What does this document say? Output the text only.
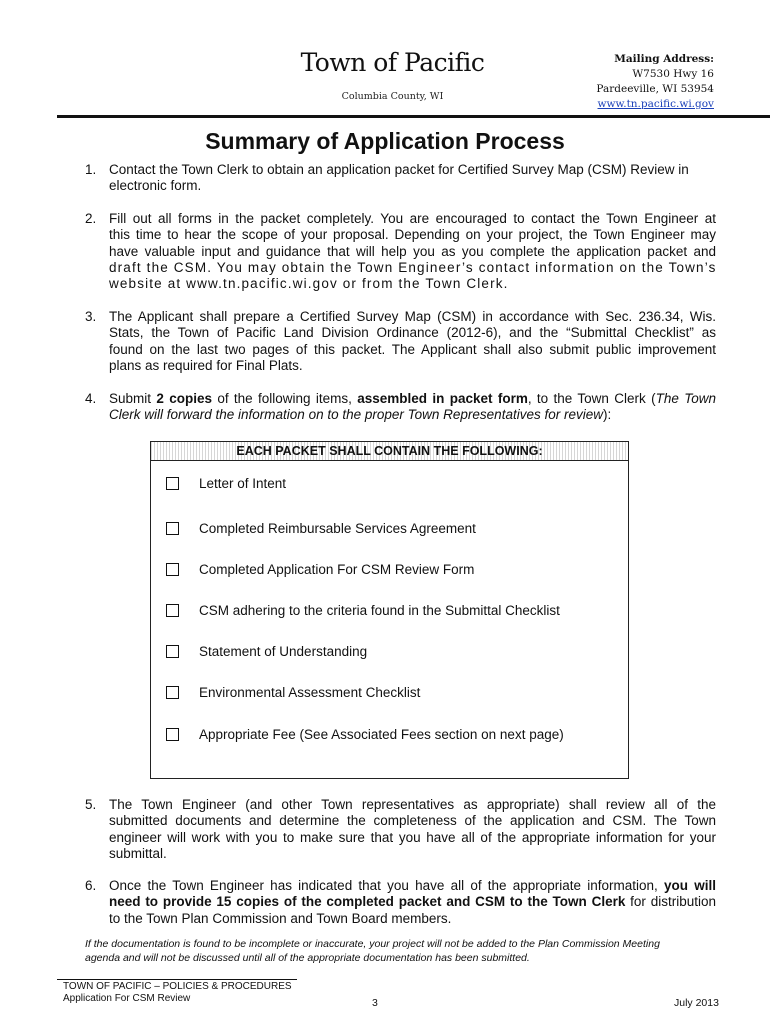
Town of Pacific
Columbia County, WI
Mailing Address:
W7530 Hwy 16
Pardeeville, WI 53954
www.tn.pacific.wi.gov
Summary of Application Process
1. Contact the Town Clerk to obtain an application packet for Certified Survey Map (CSM) Review in
electronic form.
2. Fill out all forms in the packet completely. You are encouraged to contact the Town Engineer at
this time to hear the scope of your proposal. Depending on your project, the Town Engineer may
have valuable input and guidance that will help you as you complete the application packet and
draft the CSM. You may obtain the Town Engineer’s contact information on the Town’s
website at www.tn.pacific.wi.gov or from the Town Clerk.
3. The Applicant shall prepare a Certified Survey Map (CSM) in accordance with Sec. 236.34, Wis.
Stats, the Town of Pacific Land Division Ordinance (2012-6), and the “Submittal Checklist” as
found on the last two pages of this packet. The Applicant shall also submit public improvement
plans as required for Final Plats.
4. Submit 2 copies of the following items, assembled in packet form, to the Town Clerk (The Town
Clerk will forward the information on to the proper Town Representatives for review):
EACH PACKET SHALL CONTAIN THE FOLLOWING:
Letter of Intent
Completed Reimbursable Services Agreement
Completed Application For CSM Review Form
CSM adhering to the criteria found in the Submittal Checklist
Statement of Understanding
Environmental Assessment Checklist
Appropriate Fee (See Associated Fees section on next page)
5. The Town Engineer (and other Town representatives as appropriate) shall review all of the
submitted documents and determine the completeness of the application and CSM. The Town
engineer will work with you to make sure that you have all of the appropriate information for your
submittal.
6. Once the Town Engineer has indicated that you have all of the appropriate information, you will
need to provide 15 copies of the completed packet and CSM to the Town Clerk for distribution
to the Town Plan Commission and Town Board members.
If the documentation is found to be incomplete or inaccurate, your project will not be added to the Plan Commission Meeting
agenda and will not be discussed until all of the appropriate documentation has been submitted.
TOWN OF PACIFIC – POLICIES & PROCEDURES
Application For CSM Review	3	July 2013
